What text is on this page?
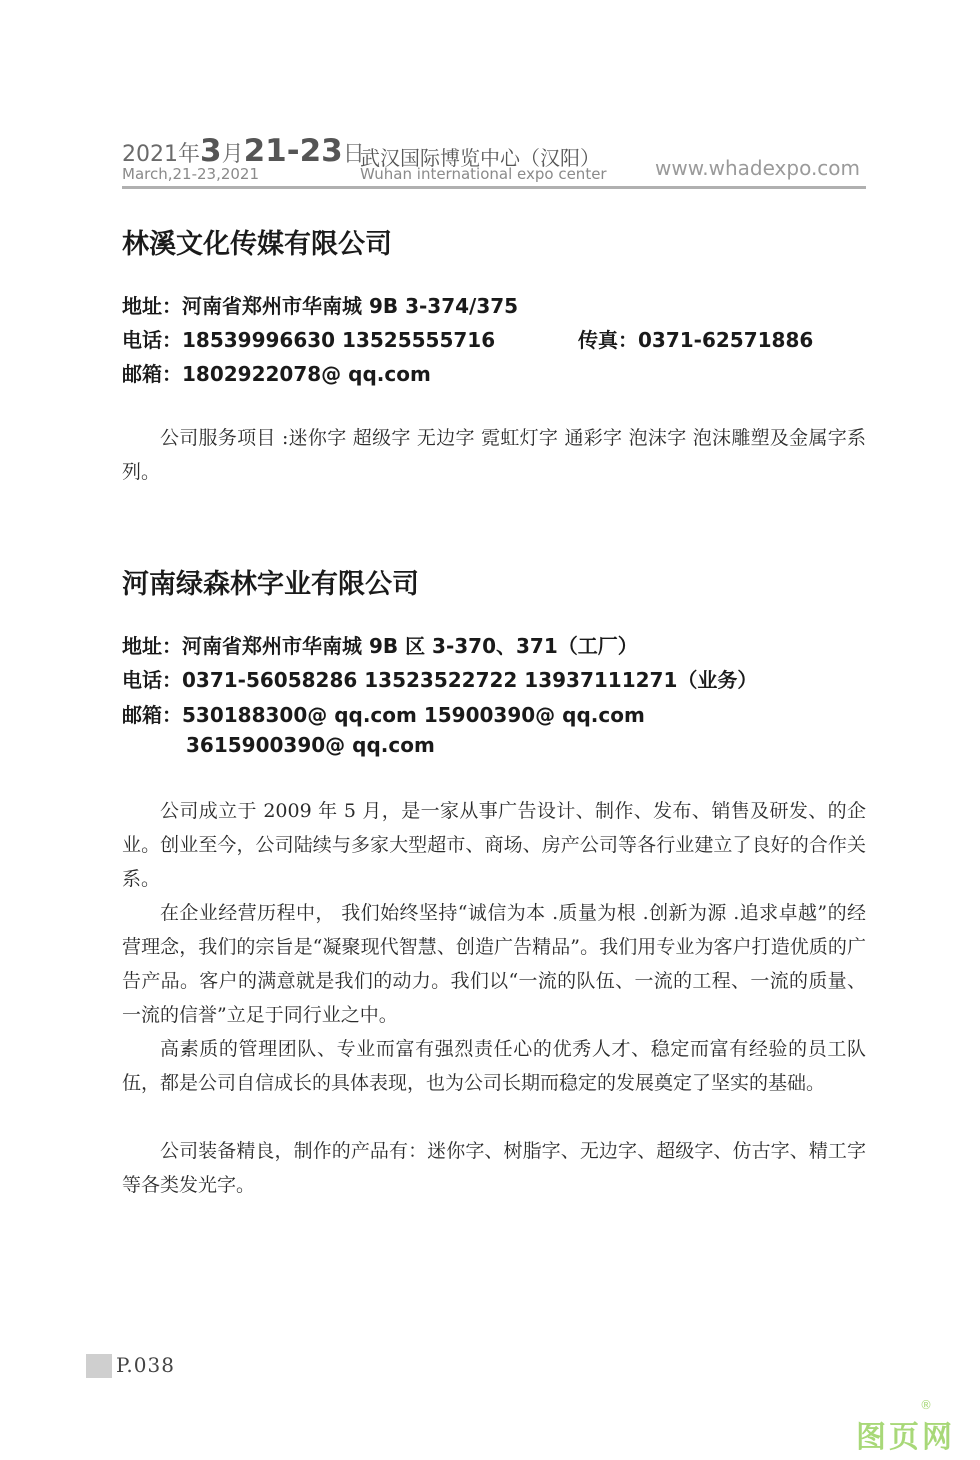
2021年3月21-23日
March,21-23,2021
武汉国际博览中心（汉阳）
Wuhan international expo center www.whadexpo.com
林溪文化传媒有限公司
地址：河南省郑州市华南城 9B 3-374/375
电话：18539996630 13525555716	传真：0371-62571886
邮箱：1802922078@ qq.com

公司服务项目 :迷你字 超级字 无边字 霓虹灯字 通彩字 泡沫字 泡沫雕塑及金属字系列。

河南绿森林字业有限公司
地址：河南省郑州市华南城 9B 区 3-370、371（工厂）
电话：0371-56058286 13523522722 13937111271（业务）
邮箱：530188300@ qq.com 15900390@ qq.com
3615900390@ qq.com

公司成立于 2009 年 5 月，是一家从事广告设计、制作、发布、销售及研发、的企业。创业至今，公司陆续与多家大型超市、商场、房产公司等各行业建立了良好的合作关系。

在企业经营历程中， 我们始终坚持“诚信为本 .质量为根 .创新为源 .追求卓越”的经营理念，我们的宗旨是“凝聚现代智慧、创造广告精品”。我们用专业为客户打造优质的广告产品。客户的满意就是我们的动力。我们以“一流的队伍、一流的工程、一流的质量、一流的信誉”立足于同行业之中。

高素质的管理团队、专业而富有强烈责任心的优秀人才、稳定而富有经验的员工队伍，都是公司自信成长的具体表现，也为公司长期而稳定的发展奠定了坚实的基础。

公司装备精良，制作的产品有：迷你字、树脂字、无边字、超级字、仿古字、精工字等各类发光字。

P.038
图页网
®
